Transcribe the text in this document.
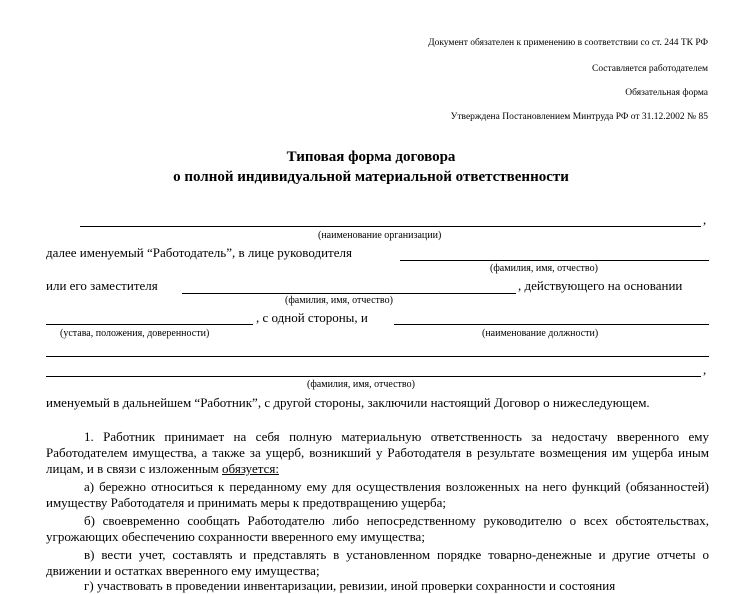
Документ обязателен к применению в соответствии со ст. 244 ТК РФ
Составляется работодателем
Обязательная форма
Утверждена Постановлением Минтруда РФ от 31.12.2002 № 85
Типовая форма договора
о полной индивидуальной материальной ответственности
,
(наименование организации)
далее именуемый “Работодатель”, в лице руководителя
(фамилия, имя, отчество)
или его заместителя	, действующего на основании
(фамилия, имя, отчество)
, с одной стороны, и
(устава, положения, доверенности)	(наименование должности)
,
(фамилия, имя, отчество)
именуемый в дальнейшем “Работник”, с другой стороны, заключили настоящий Договор о нижеследующем.
1. Работник принимает на себя полную материальную ответственность за недостачу вверенного ему Работодателем имущества, а также за ущерб, возникший у Работодателя в результате возмещения им ущерба иным лицам, и в связи с изложенным обязуется:
а) бережно относиться к переданному ему для осуществления возложенных на него функций (обязанностей) имуществу Работодателя и принимать меры к предотвращению ущерба;
б) своевременно сообщать Работодателю либо непосредственному руководителю о всех обстоятельствах, угрожающих обеспечению сохранности вверенного ему имущества;
в) вести учет, составлять и представлять в установленном порядке товарно-денежные и другие отчеты о движении и остатках вверенного ему имущества;
г) участвовать в проведении инвентаризации, ревизии, иной проверки сохранности и состояния
